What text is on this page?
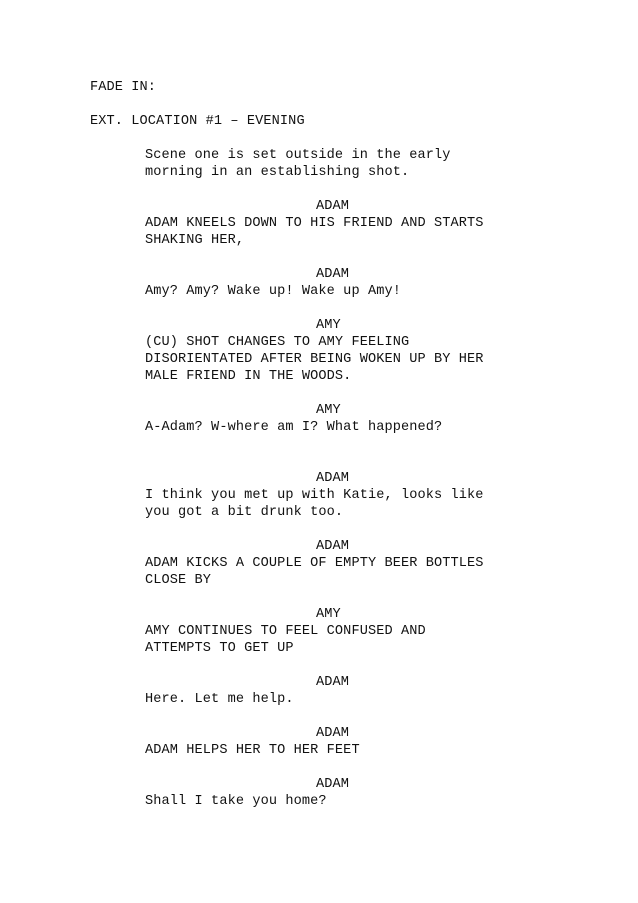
FADE IN:
EXT. LOCATION #1 – EVENING
Scene one is set outside in the early
morning in an establishing shot.
ADAM
ADAM KNEELS DOWN TO HIS FRIEND AND STARTS
SHAKING HER,
ADAM
Amy? Amy? Wake up! Wake up Amy!
AMY
(CU) SHOT CHANGES TO AMY FEELING
DISORIENTATED AFTER BEING WOKEN UP BY HER
MALE FRIEND IN THE WOODS.
AMY
A-Adam? W-where am I? What happened?
ADAM
I think you met up with Katie, looks like
you got a bit drunk too.
ADAM
ADAM KICKS A COUPLE OF EMPTY BEER BOTTLES
CLOSE BY
AMY
AMY CONTINUES TO FEEL CONFUSED AND
ATTEMPTS TO GET UP
ADAM
Here. Let me help.
ADAM
ADAM HELPS HER TO HER FEET
ADAM
Shall I take you home?
